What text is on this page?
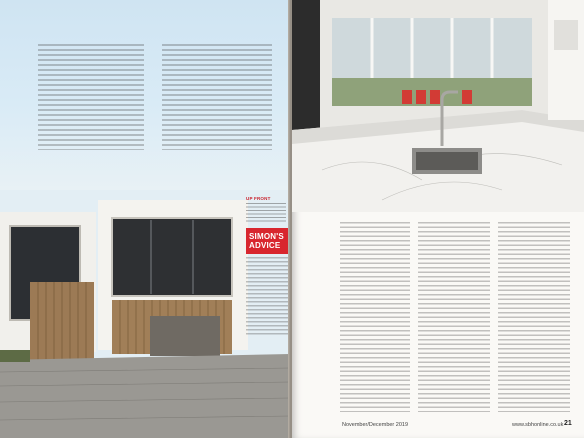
UP FRONT
SIMON'S ADVICE
November/December 2019	www.sbhonline.co.uk 21
